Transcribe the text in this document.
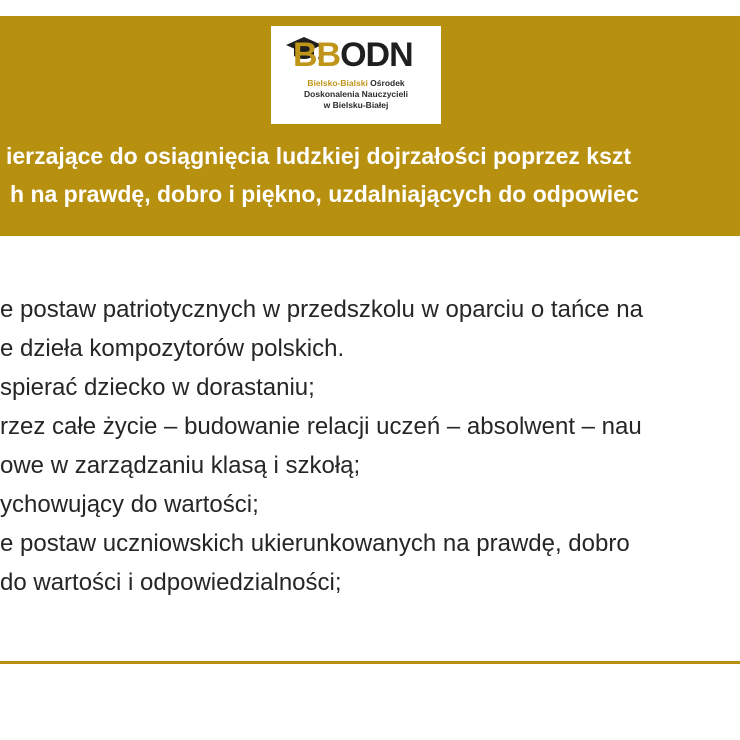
BBODN
Bielsko-Bialski Ośrodek
Doskonalenia Nauczycieli
w Bielsku-Białej
ierzające do osiągnięcia ludzkiej dojrzałości poprzez kszt
h na prawdę, dobro i piękno, uzdalniających do odpowiec
e postaw patriotycznych w przedszkolu w oparciu o tańce na
e dzieła kompozytorów polskich.
spierać dziecko w dorastaniu;
rzez całe życie – budowanie relacji uczeń – absolwent – nau
owe w zarządzaniu klasą i szkołą;
ychowujący do wartości;
e postaw uczniowskich ukierunkowanych na prawdę, dobro
do wartości i odpowiedzialności;
